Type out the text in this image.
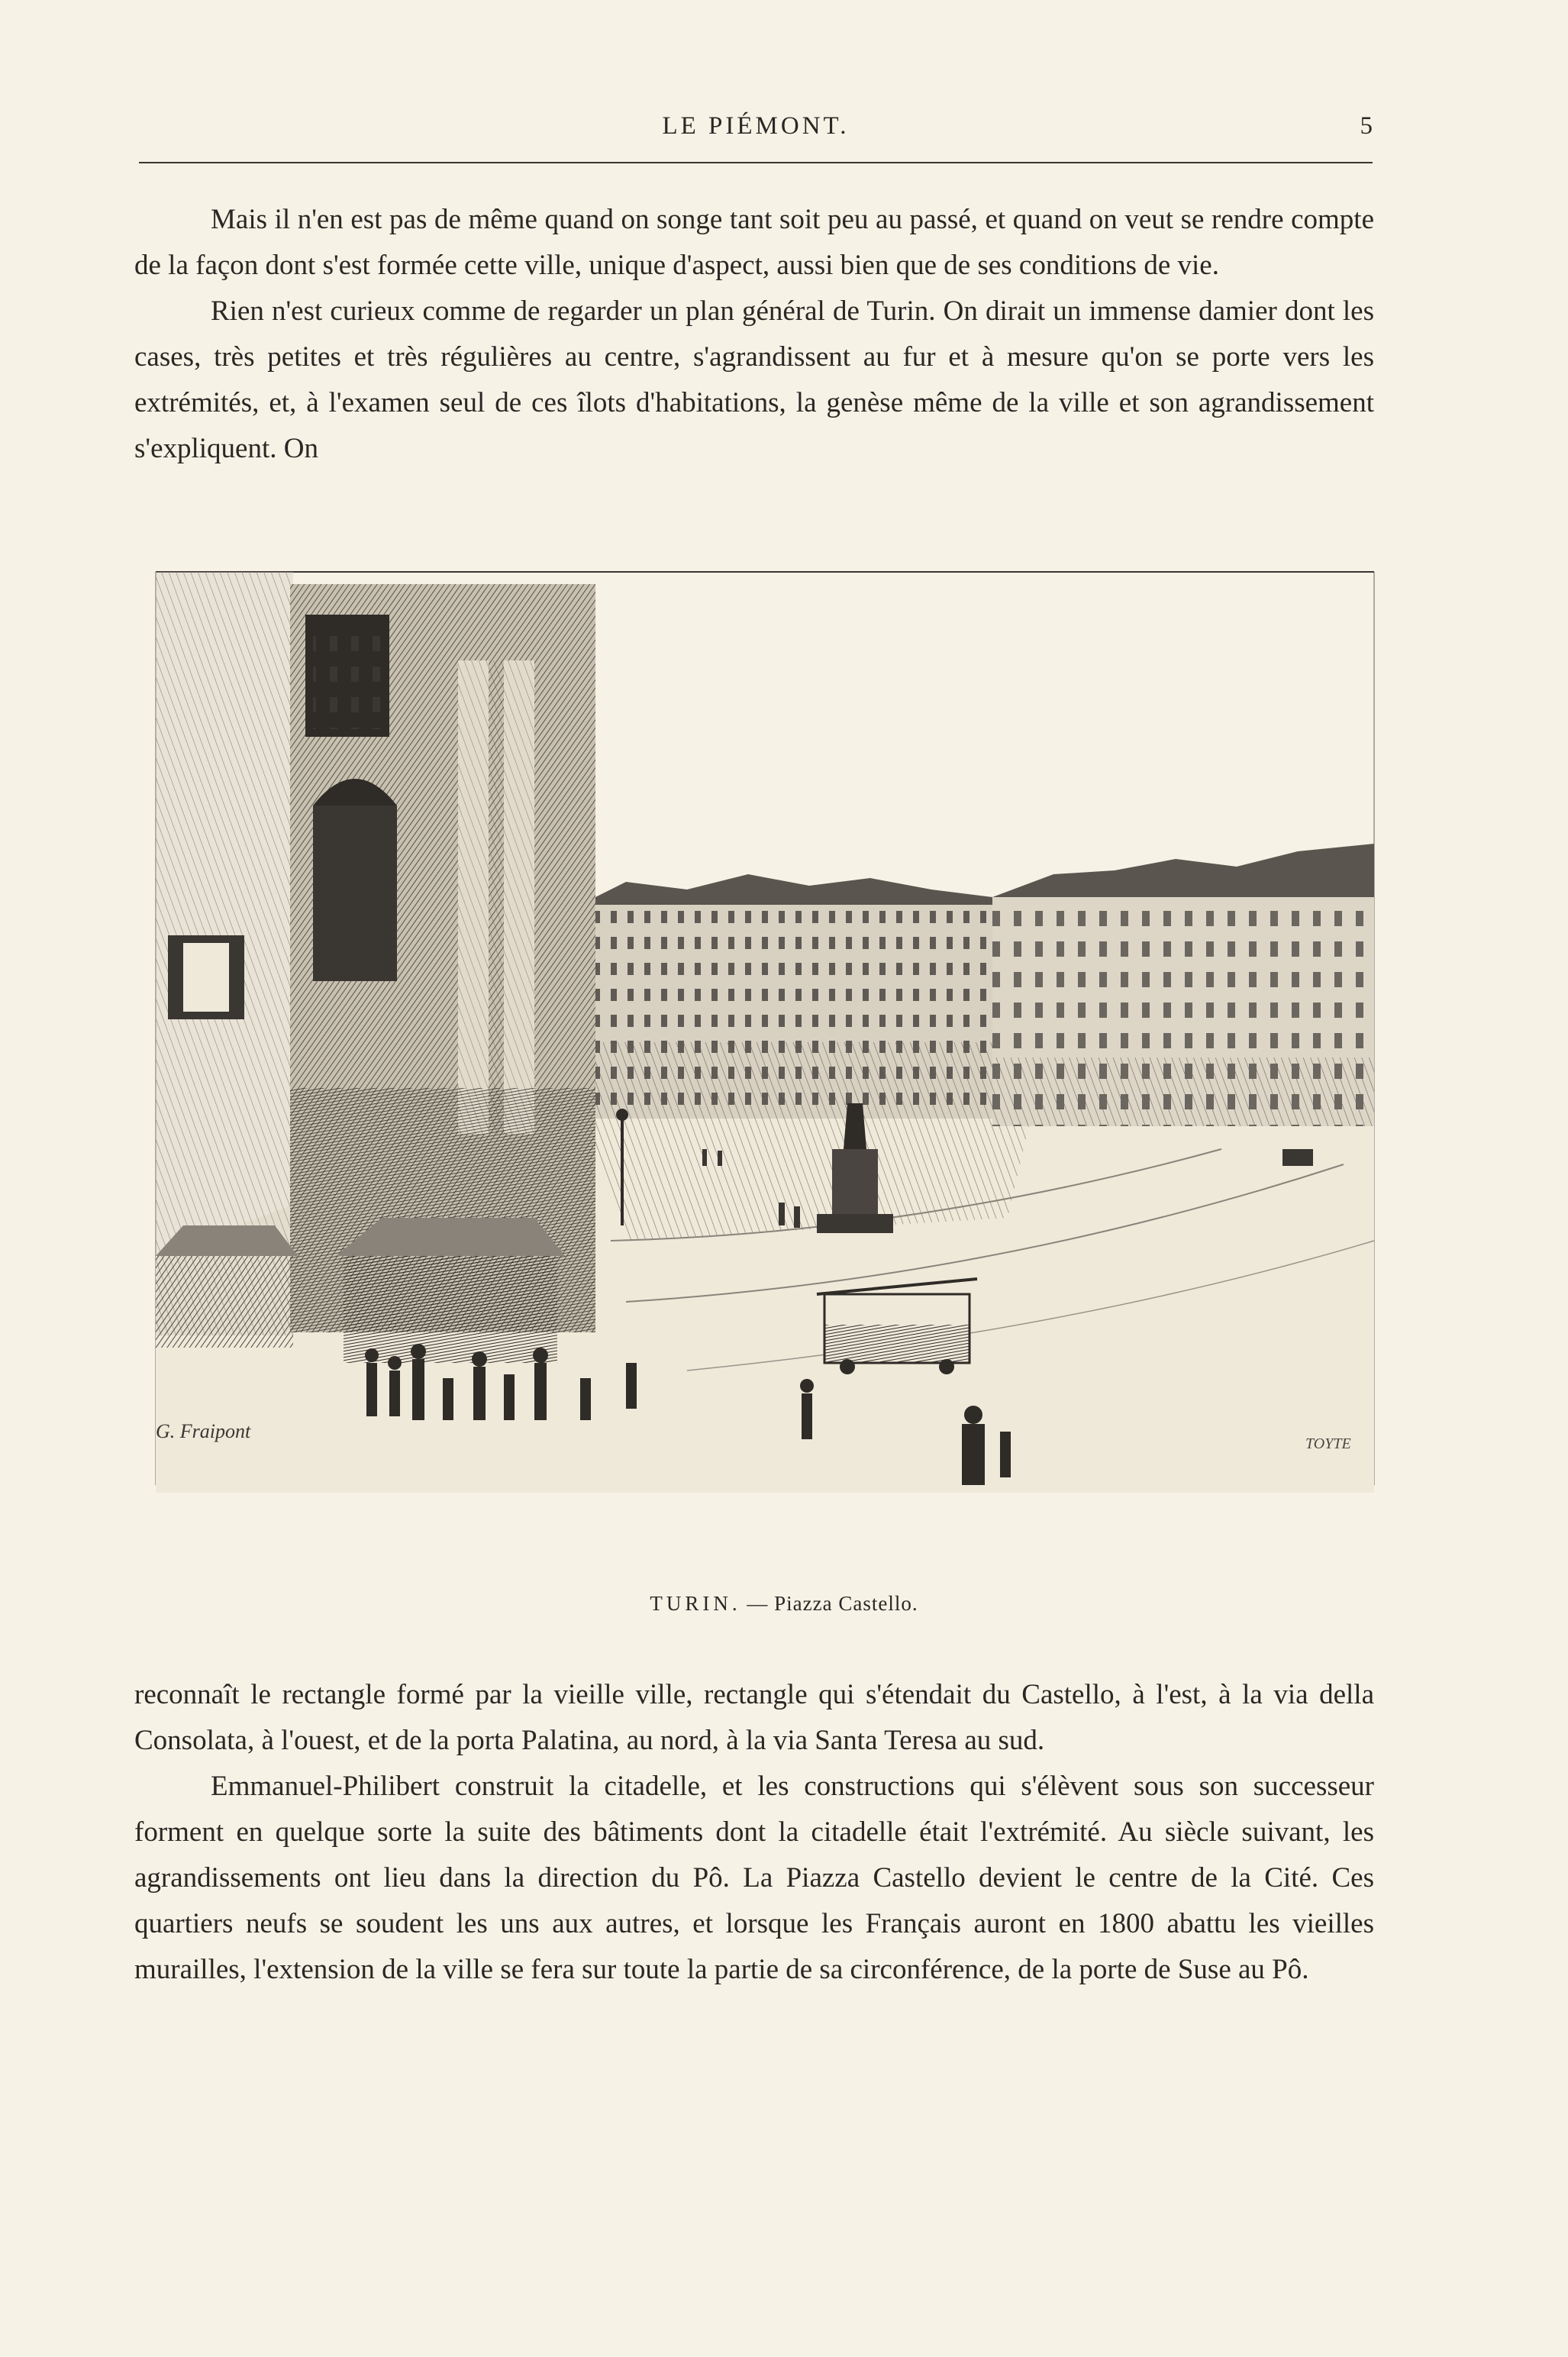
LE PIÉMONT.	5

Mais il n'en est pas de même quand on songe tant soit peu au passé, et quand on veut se rendre compte de la façon dont s'est formée cette ville, unique d'aspect, aussi bien que de ses conditions de vie.

Rien n'est curieux comme de regarder un plan général de Turin. On dirait un immense damier dont les cases, très petites et très régulières au centre, s'agrandissent au fur et à mesure qu'on se porte vers les extrémités, et, à l'examen seul de ces îlots d'habitations, la genèse même de la ville et son agrandissement s'expliquent. On

G. Fraipont
TOYTE
TURIN. — Piazza Castello.

reconnaît le rectangle formé par la vieille ville, rectangle qui s'étendait du Castello, à l'est, à la via della Consolata, à l'ouest, et de la porta Palatina, au nord, à la via Santa Teresa au sud.

Emmanuel-Philibert construit la citadelle, et les constructions qui s'élèvent sous son successeur forment en quelque sorte la suite des bâtiments dont la citadelle était l'extrémité. Au siècle suivant, les agrandissements ont lieu dans la direction du Pô. La Piazza Castello devient le centre de la Cité. Ces quartiers neufs se soudent les uns aux autres, et lorsque les Français auront en 1800 abattu les vieilles murailles, l'extension de la ville se fera sur toute la partie de sa circonférence, de la porte de Suse au Pô.
